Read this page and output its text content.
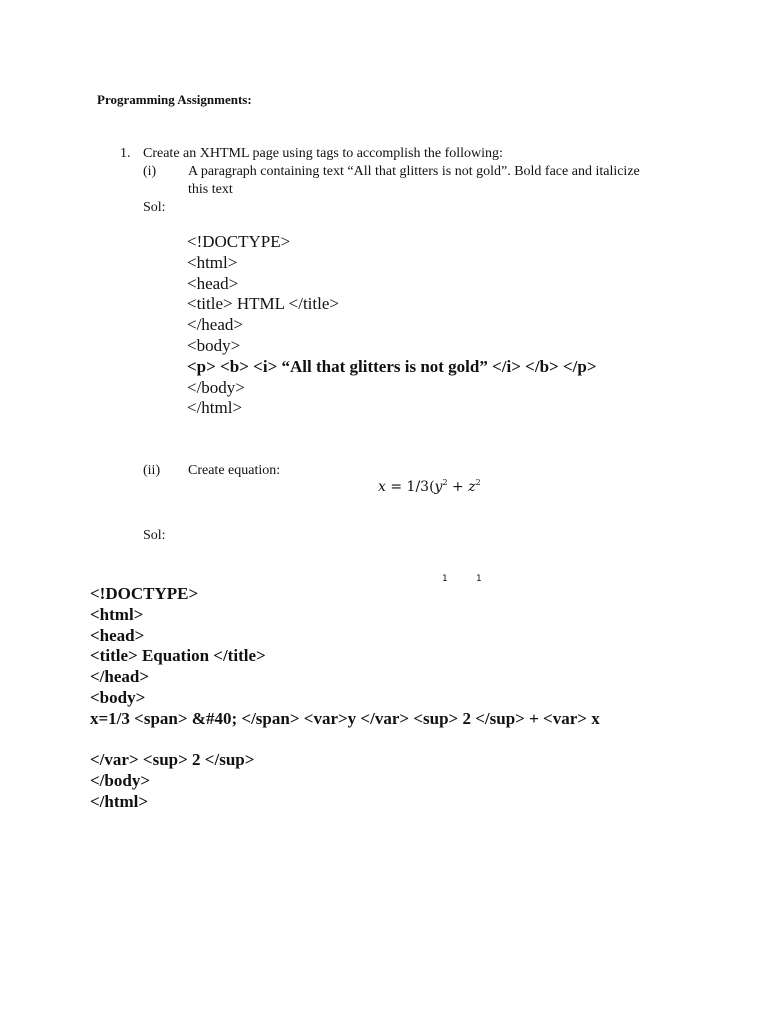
Programming Assignments:
1. Create an XHTML page using tags to accomplish the following:
(i) A paragraph containing text “All that glitters is not gold”. Bold face and italicize
this text
Sol:
<!DOCTYPE>
<html>
<head>
<title> HTML </title>
</head>
<body>
<p> <b> <i> “All that glitters is not gold” </i> </b> </p>
</body>
</html>
(ii) Create equation:
$x = 1/3(y^2 + z^2$
Sol:
1	1
<!DOCTYPE>
<html>
<head>
<title> Equation </title>
</head>
<body>
x=1/3 <span> &#40; </span> <var>y </var> <sup> 2 </sup> + <var> x
</var> <sup> 2 </sup>
</body>
</html>
